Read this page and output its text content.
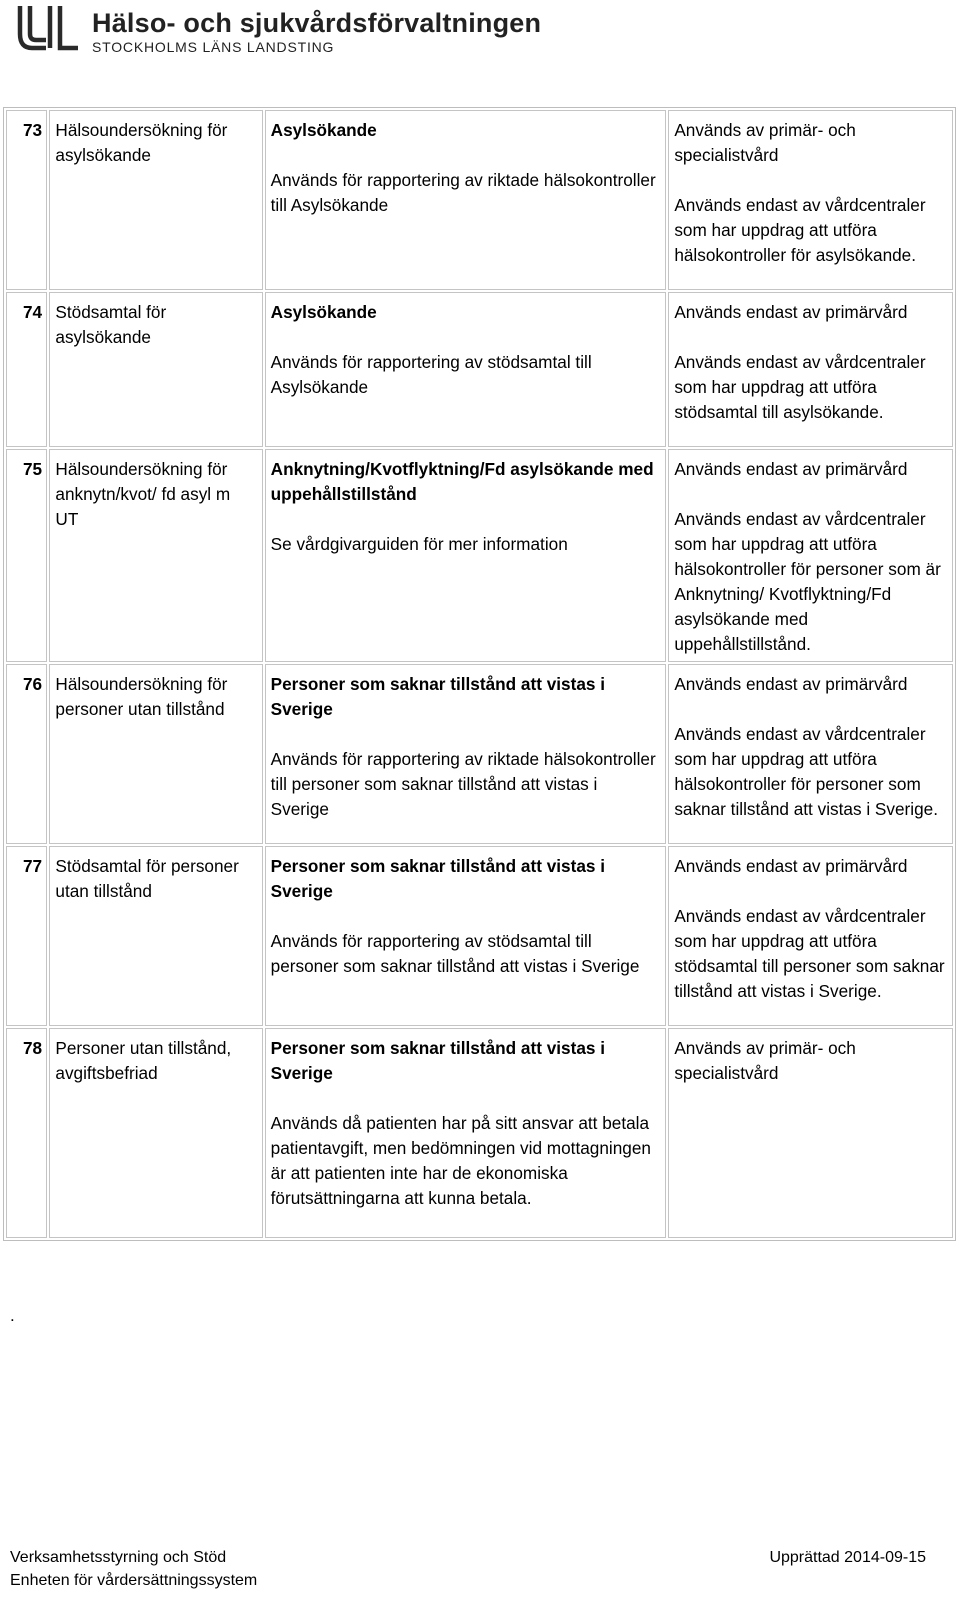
Hälso- och sjukvårdsförvaltningen
STOCKHOLMS LÄNS LANDSTING
73	Hälsoundersökning för asylsökande	Asylsökande
Används för rapportering av riktade hälsokontroller till Asylsökande	Används av primär- och specialistvård
Används endast av vårdcentraler som har uppdrag att utföra hälsokontroller för asylsökande.

74	Stödsamtal för asylsökande	Asylsökande
Används för rapportering av stödsamtal till Asylsökande	Används endast av primärvård
Används endast av vårdcentraler som har uppdrag att utföra stödsamtal till asylsökande.

75	Hälsoundersökning för anknytn/kvot/ fd asyl m UT	Anknytning/Kvotflyktning/Fd asylsökande med uppehållstillstånd
Se vårdgivarguiden för mer information	Används endast av primärvård
Används endast av vårdcentraler som har uppdrag att utföra hälsokontroller för personer som är Anknytning/ Kvotflyktning/Fd asylsökande med uppehållstillstånd.

76	Hälsoundersökning för personer utan tillstånd	Personer som saknar tillstånd att vistas i Sverige
Används för rapportering av riktade hälsokontroller till personer som saknar tillstånd att vistas i Sverige	Används endast av primärvård
Används endast av vårdcentraler som har uppdrag att utföra hälsokontroller för personer som saknar tillstånd att vistas i Sverige.

77	Stödsamtal för personer utan tillstånd	Personer som saknar tillstånd att vistas i Sverige
Används för rapportering av stödsamtal till personer som saknar tillstånd att vistas i Sverige	Används endast av primärvård
Används endast av vårdcentraler som har uppdrag att utföra stödsamtal till personer som saknar tillstånd att vistas i Sverige.

78	Personer utan tillstånd, avgiftsbefriad	Personer som saknar tillstånd att vistas i Sverige
Används då patienten har på sitt ansvar att betala patientavgift, men bedömningen vid mottagningen är att patienten inte har de ekonomiska förutsättningarna att kunna betala.	Används av primär- och specialistvård
.
Verksamhetsstyrning och Stöd
Enheten för vårdersättningssystem
Upprättad 2014-09-15
